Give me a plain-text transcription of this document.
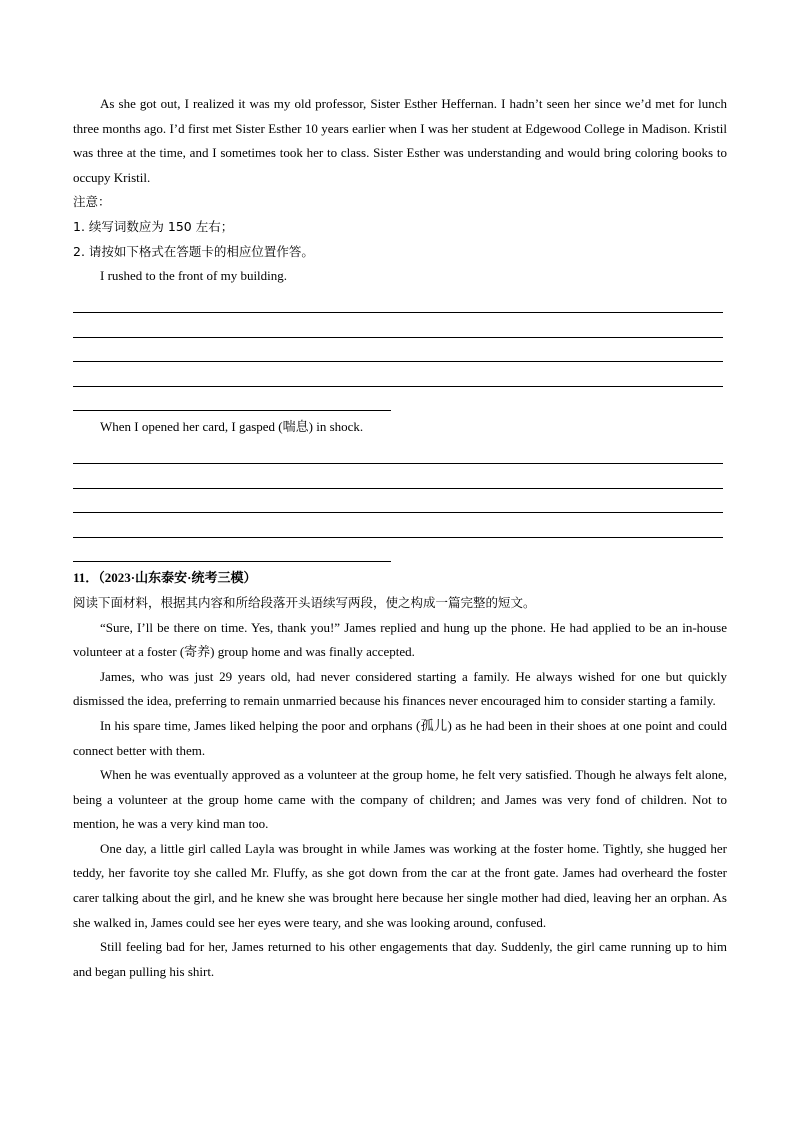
As she got out, I realized it was my old professor, Sister Esther Heffernan. I hadn’t seen her since we’d met for lunch three months ago. I’d first met Sister Esther 10 years earlier when I was her student at Edgewood College in Madison. Kristil was three at the time, and I sometimes took her to class. Sister Esther was understanding and would bring coloring books to occupy Kristil.

注意：

1. 续写词数应为 150 左右；

2. 请按如下格式在答题卡的相应位置作答。

I rushed to the front of my building.

When I opened her card, I gasped (喘息) in shock.

11．（2023·山东泰安·统考三模）

阅读下面材料，根据其内容和所给段落开头语续写两段，使之构成一篇完整的短文。

“Sure, I’ll be there on time. Yes, thank you!” James replied and hung up the phone. He had applied to be an in-house volunteer at a foster (寄养) group home and was finally accepted.

James, who was just 29 years old, had never considered starting a family. He always wished for one but quickly dismissed the idea, preferring to remain unmarried because his finances never encouraged him to consider starting a family.

In his spare time, James liked helping the poor and orphans (孤儿) as he had been in their shoes at one point and could connect better with them.

When he was eventually approved as a volunteer at the group home, he felt very satisfied. Though he always felt alone, being a volunteer at the group home came with the company of children; and James was very fond of children. Not to mention, he was a very kind man too.

One day, a little girl called Layla was brought in while James was working at the foster home. Tightly, she hugged her teddy, her favorite toy she called Mr. Fluffy, as she got down from the car at the front gate. James had overheard the foster carer talking about the girl, and he knew she was brought here because her single mother had died, leaving her an orphan. As she walked in, James could see her eyes were teary, and she was looking around, confused.

Still feeling bad for her, James returned to his other engagements that day. Suddenly, the girl came running up to him and began pulling his shirt.
